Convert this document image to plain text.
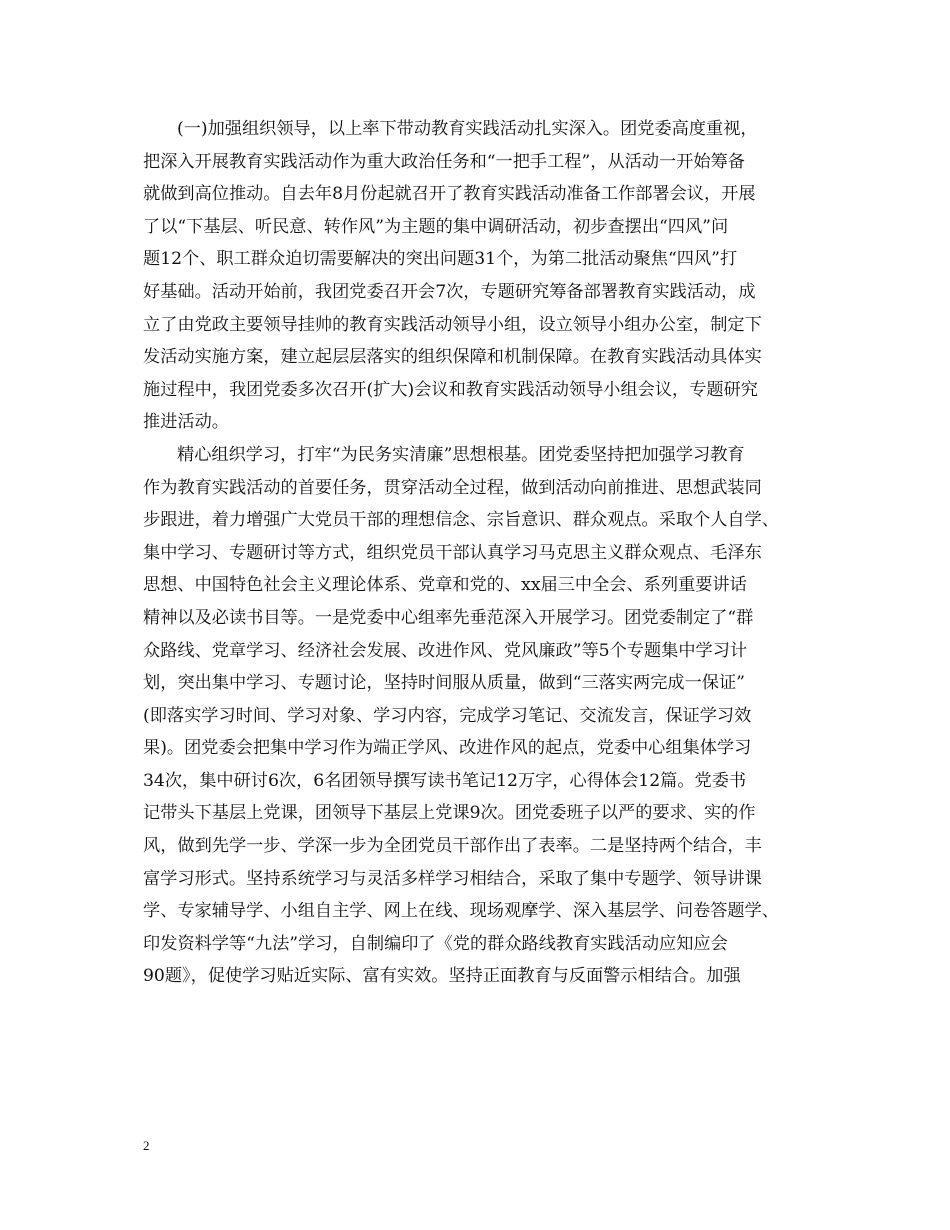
(一)加强组织领导，以上率下带动教育实践活动扎实深入。团党委高度重视，
把深入开展教育实践活动作为重大政治任务和“一把手工程”，从活动一开始筹备
就做到高位推动。自去年8月份起就召开了教育实践活动准备工作部署会议，开展
了以“下基层、听民意、转作风”为主题的集中调研活动，初步查摆出“四风”问
题12个、职工群众迫切需要解决的突出问题31个，为第二批活动聚焦“四风”打
好基础。活动开始前，我团党委召开会7次，专题研究筹备部署教育实践活动，成
立了由党政主要领导挂帅的教育实践活动领导小组，设立领导小组办公室，制定下
发活动实施方案，建立起层层落实的组织保障和机制保障。在教育实践活动具体实
施过程中，我团党委多次召开(扩大)会议和教育实践活动领导小组会议，专题研究
推进活动。
精心组织学习，打牢“为民务实清廉”思想根基。团党委坚持把加强学习教育
作为教育实践活动的首要任务，贯穿活动全过程，做到活动向前推进、思想武装同
步跟进，着力增强广大党员干部的理想信念、宗旨意识、群众观点。采取个人自学、
集中学习、专题研讨等方式，组织党员干部认真学习马克思主义群众观点、毛泽东
思想、中国特色社会主义理论体系、党章和党的、xx届三中全会、系列重要讲话
精神以及必读书目等。一是党委中心组率先垂范深入开展学习。团党委制定了“群
众路线、党章学习、经济社会发展、改进作风、党风廉政”等5个专题集中学习计
划，突出集中学习、专题讨论，坚持时间服从质量，做到“三落实两完成一保证”
(即落实学习时间、学习对象、学习内容，完成学习笔记、交流发言，保证学习效
果)。团党委会把集中学习作为端正学风、改进作风的起点，党委中心组集体学习
34次，集中研讨6次，6名团领导撰写读书笔记12万字，心得体会12篇。党委书
记带头下基层上党课，团领导下基层上党课9次。团党委班子以严的要求、实的作
风，做到先学一步、学深一步为全团党员干部作出了表率。二是坚持两个结合，丰
富学习形式。坚持系统学习与灵活多样学习相结合，采取了集中专题学、领导讲课
学、专家辅导学、小组自主学、网上在线、现场观摩学、深入基层学、问卷答题学、
印发资料学等“九法”学习，自制编印了《党的群众路线教育实践活动应知应会
90题》，促使学习贴近实际、富有实效。坚持正面教育与反面警示相结合。加强
2
